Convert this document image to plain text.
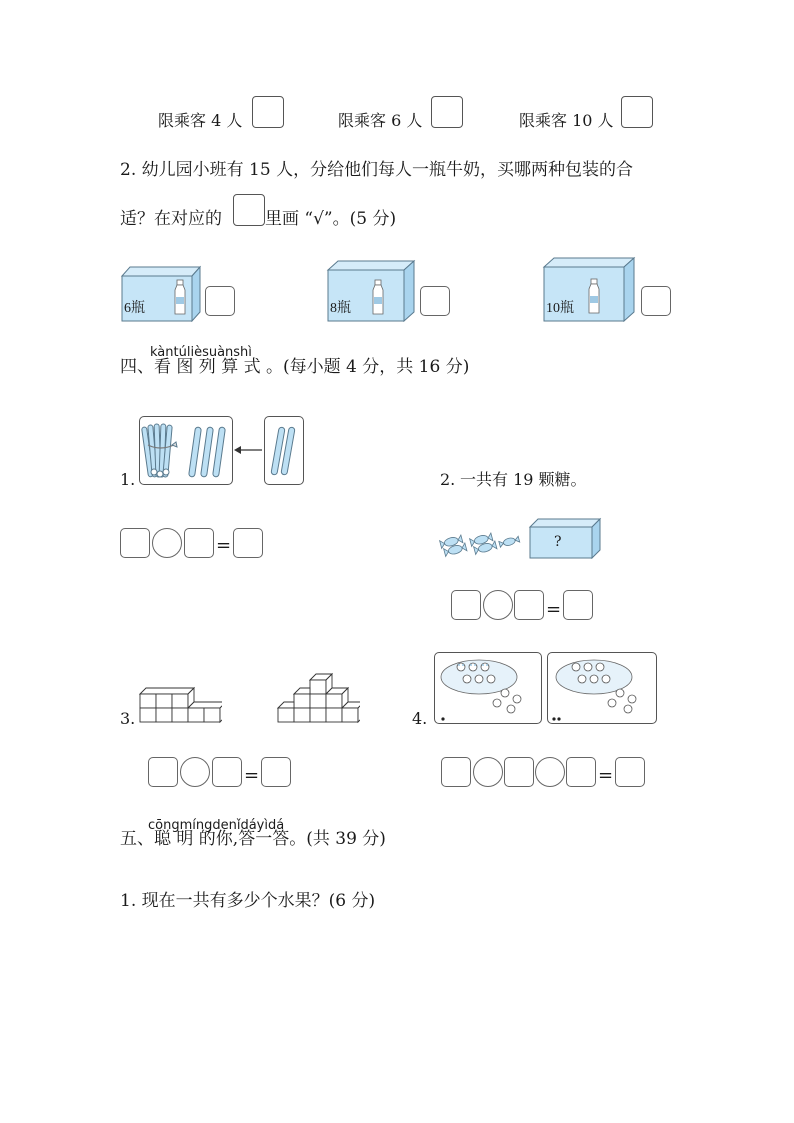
限乘客 4 人	限乘客 6 人	限乘客 10 人
2. 幼儿园小班有 15 人，分给他们每人一瓶牛奶，买哪两种包装的合
适？在对应的	里画 “√”。(5 分)
6瓶	8瓶	10瓶
kàntúlièsuànshì
四、看 图 列 算 式 。(每小题 4 分，共 16 分)
1.
=
2. 一共有 19 颗糖。
?
=
3.
=
4.
=
cōngmíngdenǐdáyìdá
五、聪 明 的你,答一答。(共 39 分)
1. 现在一共有多少个水果？(6 分)
